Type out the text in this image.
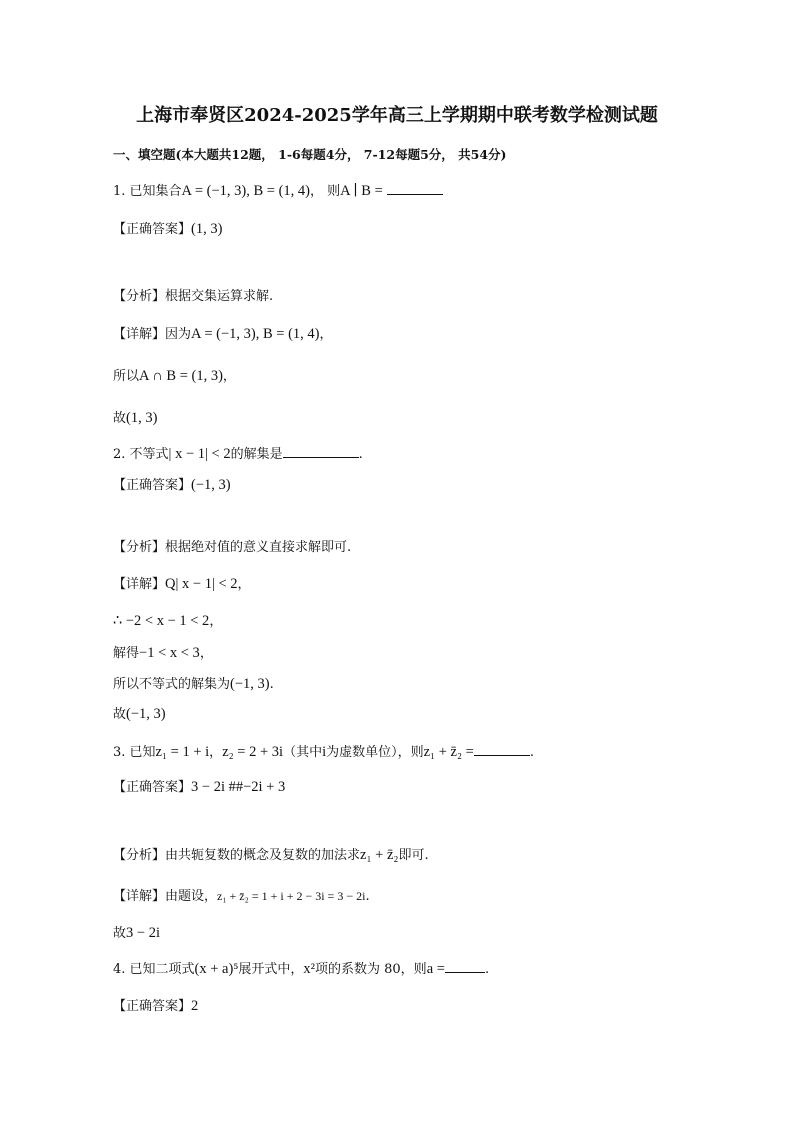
上海市奉贤区2024-2025学年高三上学期期中联考数学检测试题
一、填空题(本大题共12题， 1-6每题4分， 7-12每题5分， 共54分)
1. 已知集合A = (−1, 3), B = (1, 4)， 则A ∣ B =
【正确答案】(1, 3)
【分析】根据交集运算求解.
【详解】因为A = (−1, 3), B = (1, 4)，
所以A ∩ B = (1, 3)，
故(1, 3)
2. 不等式| x − 1| < 2的解集是	.
【正确答案】(−1, 3)
【分析】根据绝对值的意义直接求解即可.
【详解】Q| x − 1| < 2，
∴ −2 < x − 1 < 2，
解得−1 < x < 3，
所以不等式的解集为(−1, 3).
故(−1, 3)
3. 已知z₁ = 1 + i，z₂ = 2 + 3i（其中i为虚数单位），则z₁ + z̄₂ =	.
【正确答案】3 − 2i ##−2i + 3
【分析】由共轭复数的概念及复数的加法求z₁ + z̄₂即可.
【详解】由题设，z₁ + z̄₂ = 1 + i + 2 − 3i = 3 − 2i.
故3 − 2i
4. 已知二项式(x + a)⁵展开式中，x²项的系数为 80，则a =	.
【正确答案】2
